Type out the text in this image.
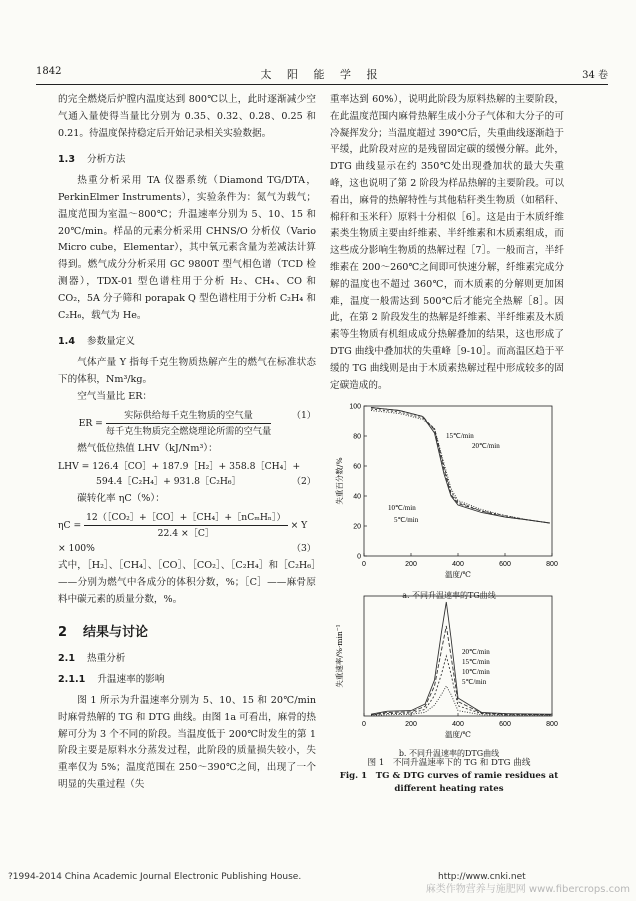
1842	太 阳 能 学 报	34 卷

的完全燃烧后炉膛内温度达到 800℃以上，此时逐渐减少空气通入量使得当量比分别为 0.35、0.32、0.28、0.25 和 0.21。待温度保持稳定后开始记录相关实验数据。

1.3 分析方法

热重分析采用 TA 仪器系统（Diamond TG/DTA，PerkinElmer Instruments），实验条件为：氮气为载气；温度范围为室温～800℃；升温速率分别为 5、10、15 和 20℃/min。样品的元素分析采用 CHNS/O 分析仪（Vario Micro cube，Elementar），其中氧元素含量为差减法计算得到。燃气成分分析采用 GC 9800T 型气相色谱（TCD 检测器），TDX-01 型色谱柱用于分析 H₂、CH₄、CO 和 CO₂，5A 分子筛和 porapak Q 型色谱柱用于分析 C₂H₄ 和 C₂H₆，载气为 He。

1.4 参数量定义

气体产量 Y 指每千克生物质热解产生的燃气在标准状态下的体积，Nm³/kg。

空气当量比 ER：

ER = $\frac{\text{实际供给每千克生物质的空气量}}{\text{每千克生物质完全燃烧理论所需的空气量}} (1)$

燃气低位热值 LHV（kJ/Nm³）：

LHV = 126.4［CO］+ 187.9［H₂］+ 358.8［CH₄］+
594.4［C₂H₄］+ 931.8［C₂H₆］	（2）

碳转化率 ηC（%）：

$\eta C = \frac{\text{12（［CO₂］+［CO］+［CH₄］+［nCₘHₙ］）}}{22.4 \times[C]} \times Y \times 100\%$	（3）

式中，［H₂］、［CH₄］、［CO］、［CO₂］、［C₂H₄］和［C₂H₆］——分别为燃气中各成分的体积分数，%；［C］——麻骨原料中碳元素的质量分数，%。

2 结果与讨论
2.1 热重分析
2.1.1 升温速率的影响

图 1 所示为升温速率分别为 5、10、15 和 20℃/min 时麻骨热解的 TG 和 DTG 曲线。由图 1a 可看出，麻骨的热解可分为 3 个不同的阶段。当温度低于 200℃时发生的第 1 阶段主要是原料水分蒸发过程，此阶段的质量损失较小，失重率仅为 5%；温度范围在 250～390℃之间，出现了一个明显的失重过程（失

重率达到 60%），说明此阶段为原料热解的主要阶段，在此温度范围内麻骨热解生成小分子气体和大分子的可冷凝挥发分；当温度超过 390℃后，失重曲线逐渐趋于平缓，此阶段对应的是残留固定碳的缓慢分解。此外，DTG 曲线显示在约 350℃处出现叠加状的最大失重峰，这也说明了第 2 阶段为样品热解的主要阶段。可以看出，麻骨的热解特性与其他秸秆类生物质（如稻秆、棉秆和玉米秆）原料十分相似［6］。这是由于木质纤维素类生物质主要由纤维素、半纤维素和木质素组成，而这些成分影响生物质的热解过程［7］。一般而言，半纤维素在 200～260℃之间即可快速分解，纤维素完成分解的温度也不超过 360℃，而木质素的分解则更加困难，温度一般需达到 500℃后才能完全热解［8］。因此，在第 2 阶段发生的热解是纤维素、半纤维素及木质素等生物质有机组成成分热解叠加的结果，这也形成了 DTG 曲线中叠加状的失重峰［9-10］。而高温区趋于平缓的 TG 曲线则是由于木质素热解过程中形成较多的固定碳造成的。

0	200	400	600	800
100
80
60
40
20
0
温度/℃
失重百分数/%
5℃/min
10℃/min
15℃/min
20℃/min
a. 不同升温速率的TG曲线
0	200	400	600	800
温度/℃
失重速率/%·min⁻¹	20℃/min
15℃/min
10℃/min
5℃/min
b. 不同升温速率的DTG曲线
图 1　不同升温速率下的 TG 和 DTG 曲线
Fig. 1　TG & DTG curves of ramie residues at
different heating rates
?1994-2014 China Academic Journal Electronic Publishing House.	http://www.cnki.net
麻类作物营养与施肥网 www.fibercrops.com
